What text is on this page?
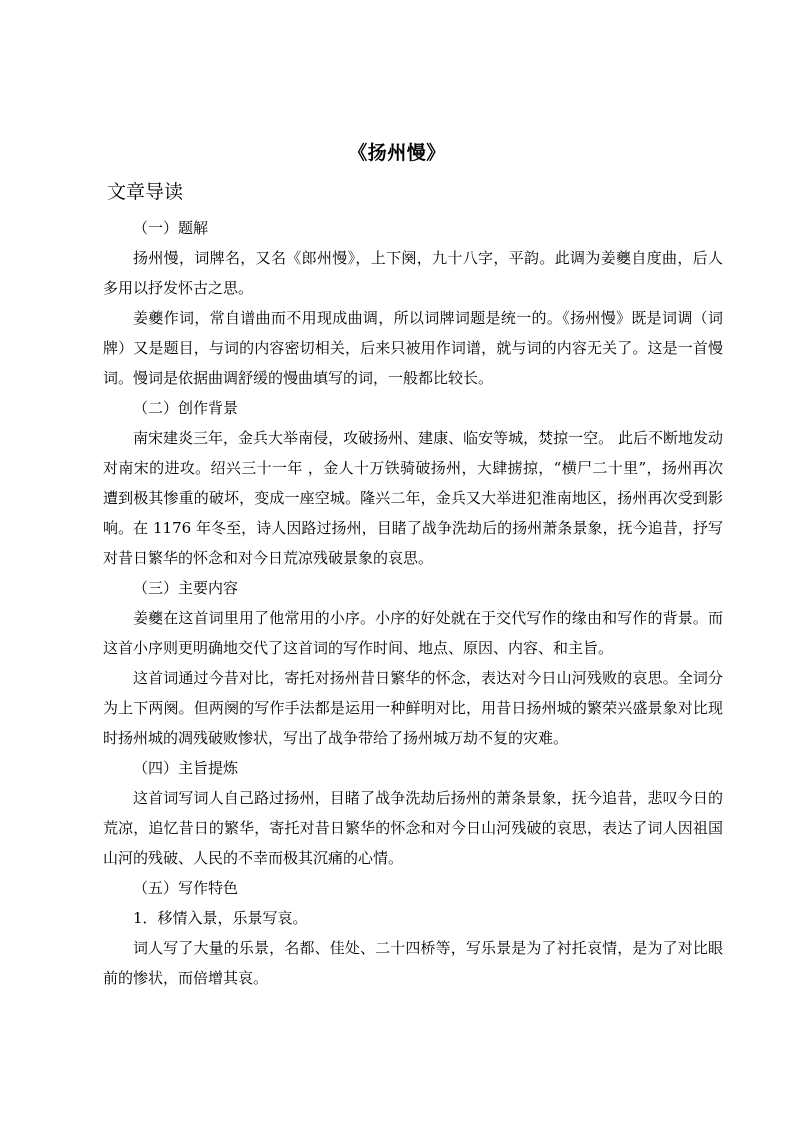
《扬州慢》
文章导读

（一）题解

扬州慢，词牌名，又名《郎州慢》，上下阕，九十八字，平韵。此调为姜夔自度曲，后人多用以抒发怀古之思。

姜夔作词，常自谱曲而不用现成曲调，所以词牌词题是统一的。《扬州慢》既是词调（词牌）又是题目，与词的内容密切相关，后来只被用作词谱，就与词的内容无关了。这是一首慢词。慢词是依据曲调舒缓的慢曲填写的词，一般都比较长。

（二）创作背景

南宋建炎三年，金兵大举南侵，攻破扬州、建康、临安等城，焚掠一空。 此后不断地发动对南宋的进攻。绍兴三十一年 ，金人十万铁骑破扬州，大肆掳掠，“横尸二十里”，扬州再次遭到极其惨重的破坏，变成一座空城。隆兴二年，金兵又大举进犯淮南地区，扬州再次受到影响。在 1176 年冬至，诗人因路过扬州，目睹了战争洗劫后的扬州萧条景象，抚今追昔，抒写对昔日繁华的怀念和对今日荒凉残破景象的哀思。

（三）主要内容

姜夔在这首词里用了他常用的小序。小序的好处就在于交代写作的缘由和写作的背景。而这首小序则更明确地交代了这首词的写作时间、地点、原因、内容、和主旨。

这首词通过今昔对比，寄托对扬州昔日繁华的怀念，表达对今日山河残败的哀思。全词分为上下两阕。但两阕的写作手法都是运用一种鲜明对比，用昔日扬州城的繁荣兴盛景象对比现时扬州城的凋残破败惨状，写出了战争带给了扬州城万劫不复的灾难。

（四）主旨提炼

这首词写词人自己路过扬州，目睹了战争洗劫后扬州的萧条景象，抚今追昔，悲叹今日的荒凉，追忆昔日的繁华，寄托对昔日繁华的怀念和对今日山河残破的哀思，表达了词人因祖国山河的残破、人民的不幸而极其沉痛的心情。

（五）写作特色

1．移情入景，乐景写哀。

词人写了大量的乐景，名都、佳处、二十四桥等，写乐景是为了衬托哀情，是为了对比眼前的惨状，而倍增其哀。
